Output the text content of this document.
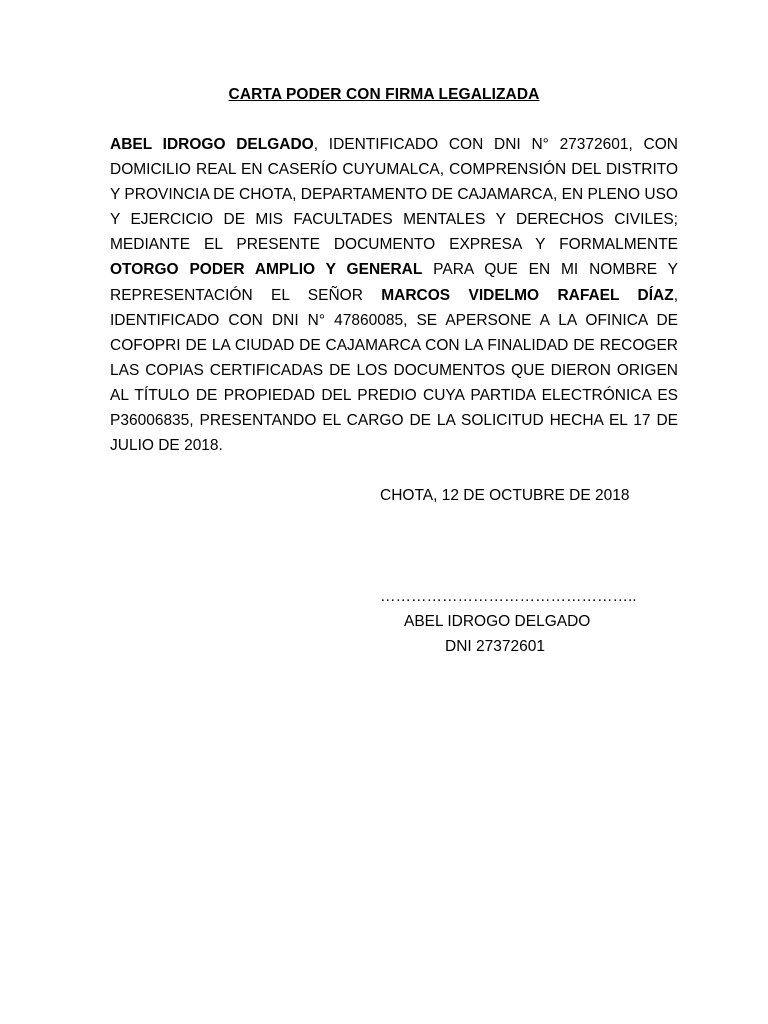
CARTA PODER CON FIRMA LEGALIZADA
ABEL IDROGO DELGADO, IDENTIFICADO CON DNI N° 27372601, CON DOMICILIO REAL EN CASERÍO CUYUMALCA, COMPRENSIÓN DEL DISTRITO Y PROVINCIA DE CHOTA, DEPARTAMENTO DE CAJAMARCA, EN PLENO USO Y EJERCICIO DE MIS FACULTADES MENTALES Y DERECHOS CIVILES; MEDIANTE EL PRESENTE DOCUMENTO EXPRESA Y FORMALMENTE OTORGO PODER AMPLIO Y GENERAL PARA QUE EN MI NOMBRE Y REPRESENTACIÓN EL SEÑOR MARCOS VIDELMO RAFAEL DÍAZ, IDENTIFICADO CON DNI N° 47860085, SE APERSONE A LA OFINICA DE COFOPRI DE LA CIUDAD DE CAJAMARCA CON LA FINALIDAD DE RECOGER LAS COPIAS CERTIFICADAS DE LOS DOCUMENTOS QUE DIERON ORIGEN AL TÍTULO DE PROPIEDAD DEL PREDIO CUYA PARTIDA ELECTRÓNICA ES P36006835, PRESENTANDO EL CARGO DE LA SOLICITUD HECHA EL 17 DE JULIO DE 2018.
CHOTA, 12 DE OCTUBRE DE 2018
…………………………………………..
ABEL IDROGO DELGADO
DNI 27372601
